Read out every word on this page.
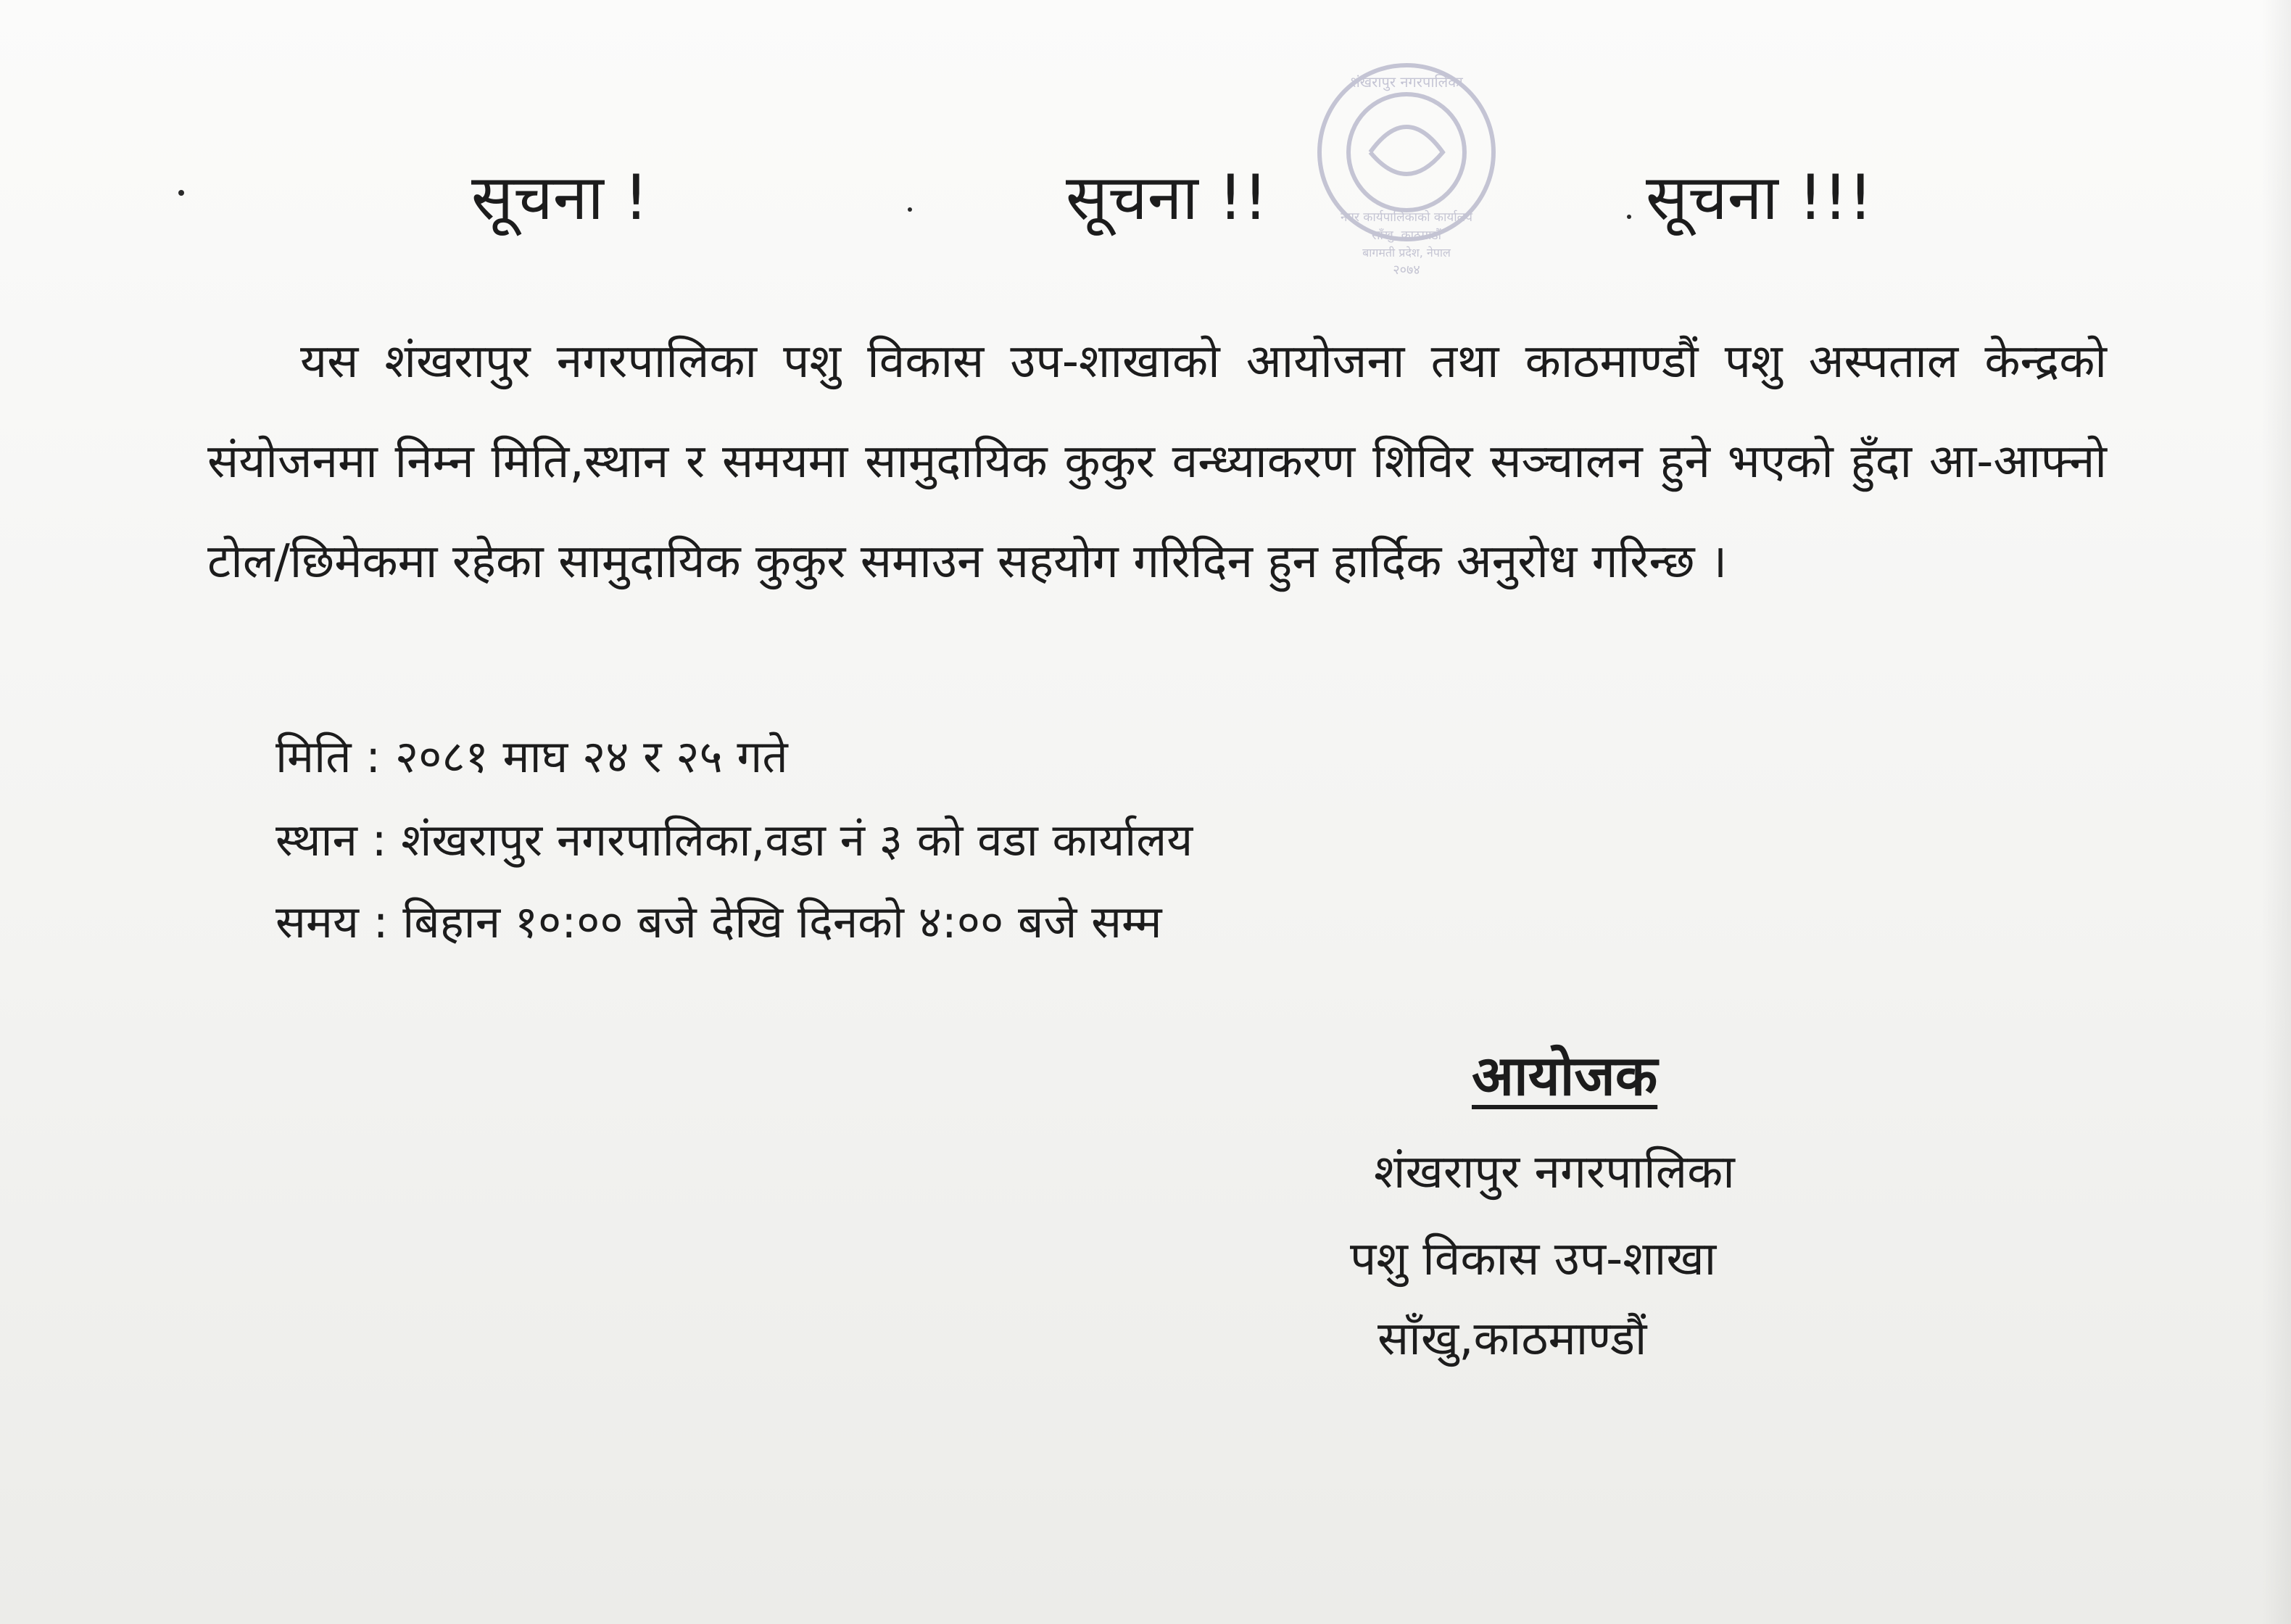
सूचना !	सूचना !!	सूचना !!!
शंखरापुर नगरपालिका
नगर कार्यपालिकाको कार्यालय
साँखु, काठमाडौं
बागमती प्रदेश, नेपाल
२०७४
यस शंखरापुर नगरपालिका पशु विकास उप-शाखाको आयोजना तथा काठमाण्डौं पशु अस्पताल केन्द्रको संयोजनमा निम्न मिति,स्थान र समयमा सामुदायिक कुकुर वन्ध्याकरण शिविर सञ्चालन हुने भएको हुँदा आ-आफ्नो टोल/छिमेकमा रहेका सामुदायिक कुकुर समाउन सहयोग गरिदिन हुन हार्दिक अनुरोध गरिन्छ ।
मिति : २०८१ माघ २४ र २५ गते
स्थान : शंखरापुर नगरपालिका,वडा नं ३ को वडा कार्यालय
समय : बिहान १०:०० बजे देखि दिनको ४:०० बजे सम्म
आयोजक
शंखरापुर नगरपालिका
पशु विकास उप-शाखा
साँखु,काठमाण्डौं
